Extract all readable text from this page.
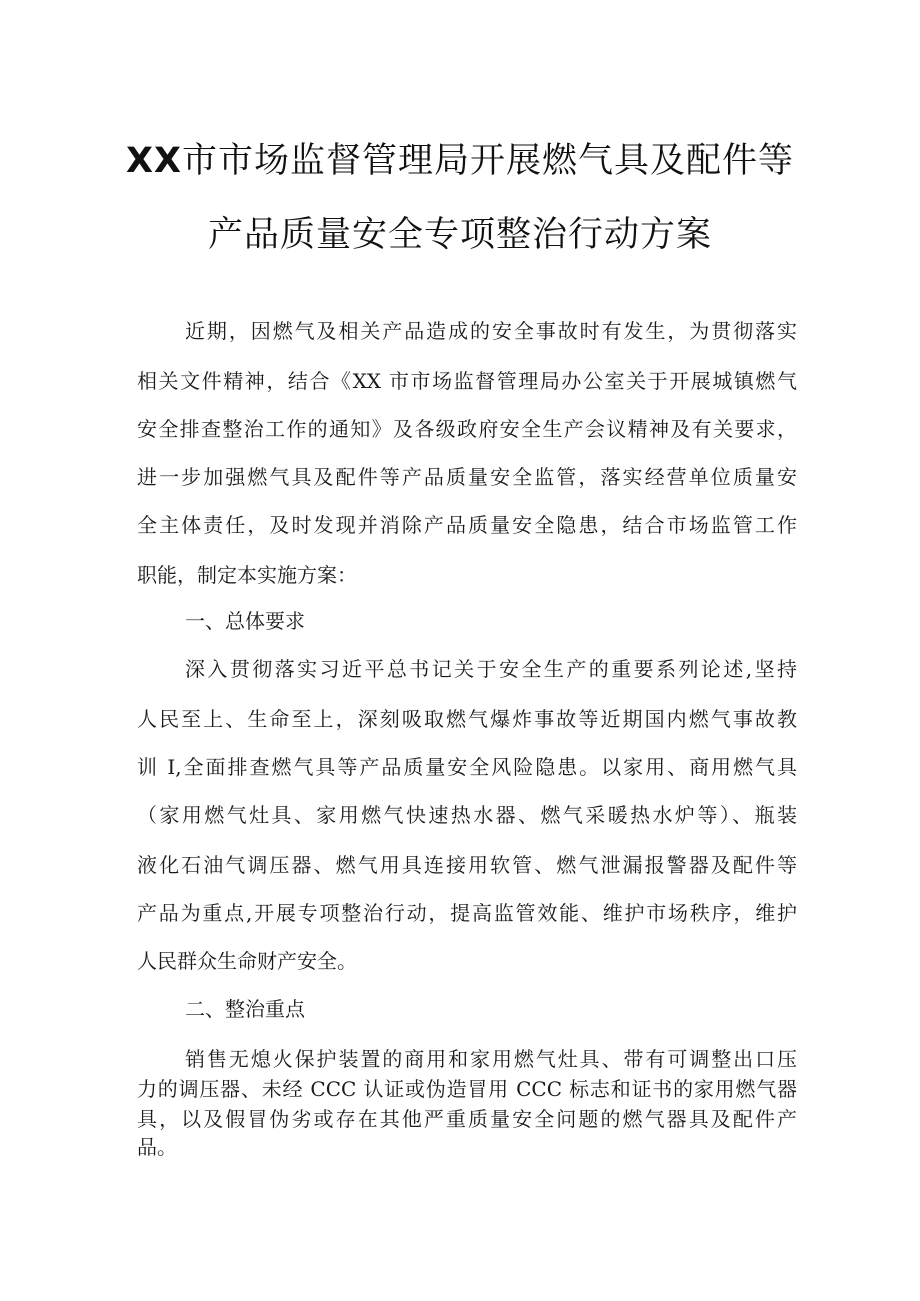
XX市市场监督管理局开展燃气具及配件等
产品质量安全专项整治行动方案
近期，因燃气及相关产品造成的安全事故时有发生，为贯彻落实
相关文件精神，结合《XX 市市场监督管理局办公室关于开展城镇燃气
安全排查整治工作的通知》及各级政府安全生产会议精神及有关要求，
进一步加强燃气具及配件等产品质量安全监管，落实经营单位质量安
全主体责任，及时发现并消除产品质量安全隐患，结合市场监管工作
职能，制定本实施方案：
一、总体要求
深入贯彻落实习近平总书记关于安全生产的重要系列论述,坚持
人民至上、生命至上，深刻吸取燃气爆炸事故等近期国内燃气事故教
训 I,全面排查燃气具等产品质量安全风险隐患。以家用、商用燃气具
（家用燃气灶具、家用燃气快速热水器、燃气采暖热水炉等）、瓶装
液化石油气调压器、燃气用具连接用软管、燃气泄漏报警器及配件等
产品为重点,开展专项整治行动，提高监管效能、维护市场秩序，维护
人民群众生命财产安全。
二、整治重点
销售无熄火保护装置的商用和家用燃气灶具、带有可调整出口压
力的调压器、未经 CCC 认证或伪造冒用 CCC 标志和证书的家用燃气器
具，以及假冒伪劣或存在其他严重质量安全问题的燃气器具及配件产
品。
